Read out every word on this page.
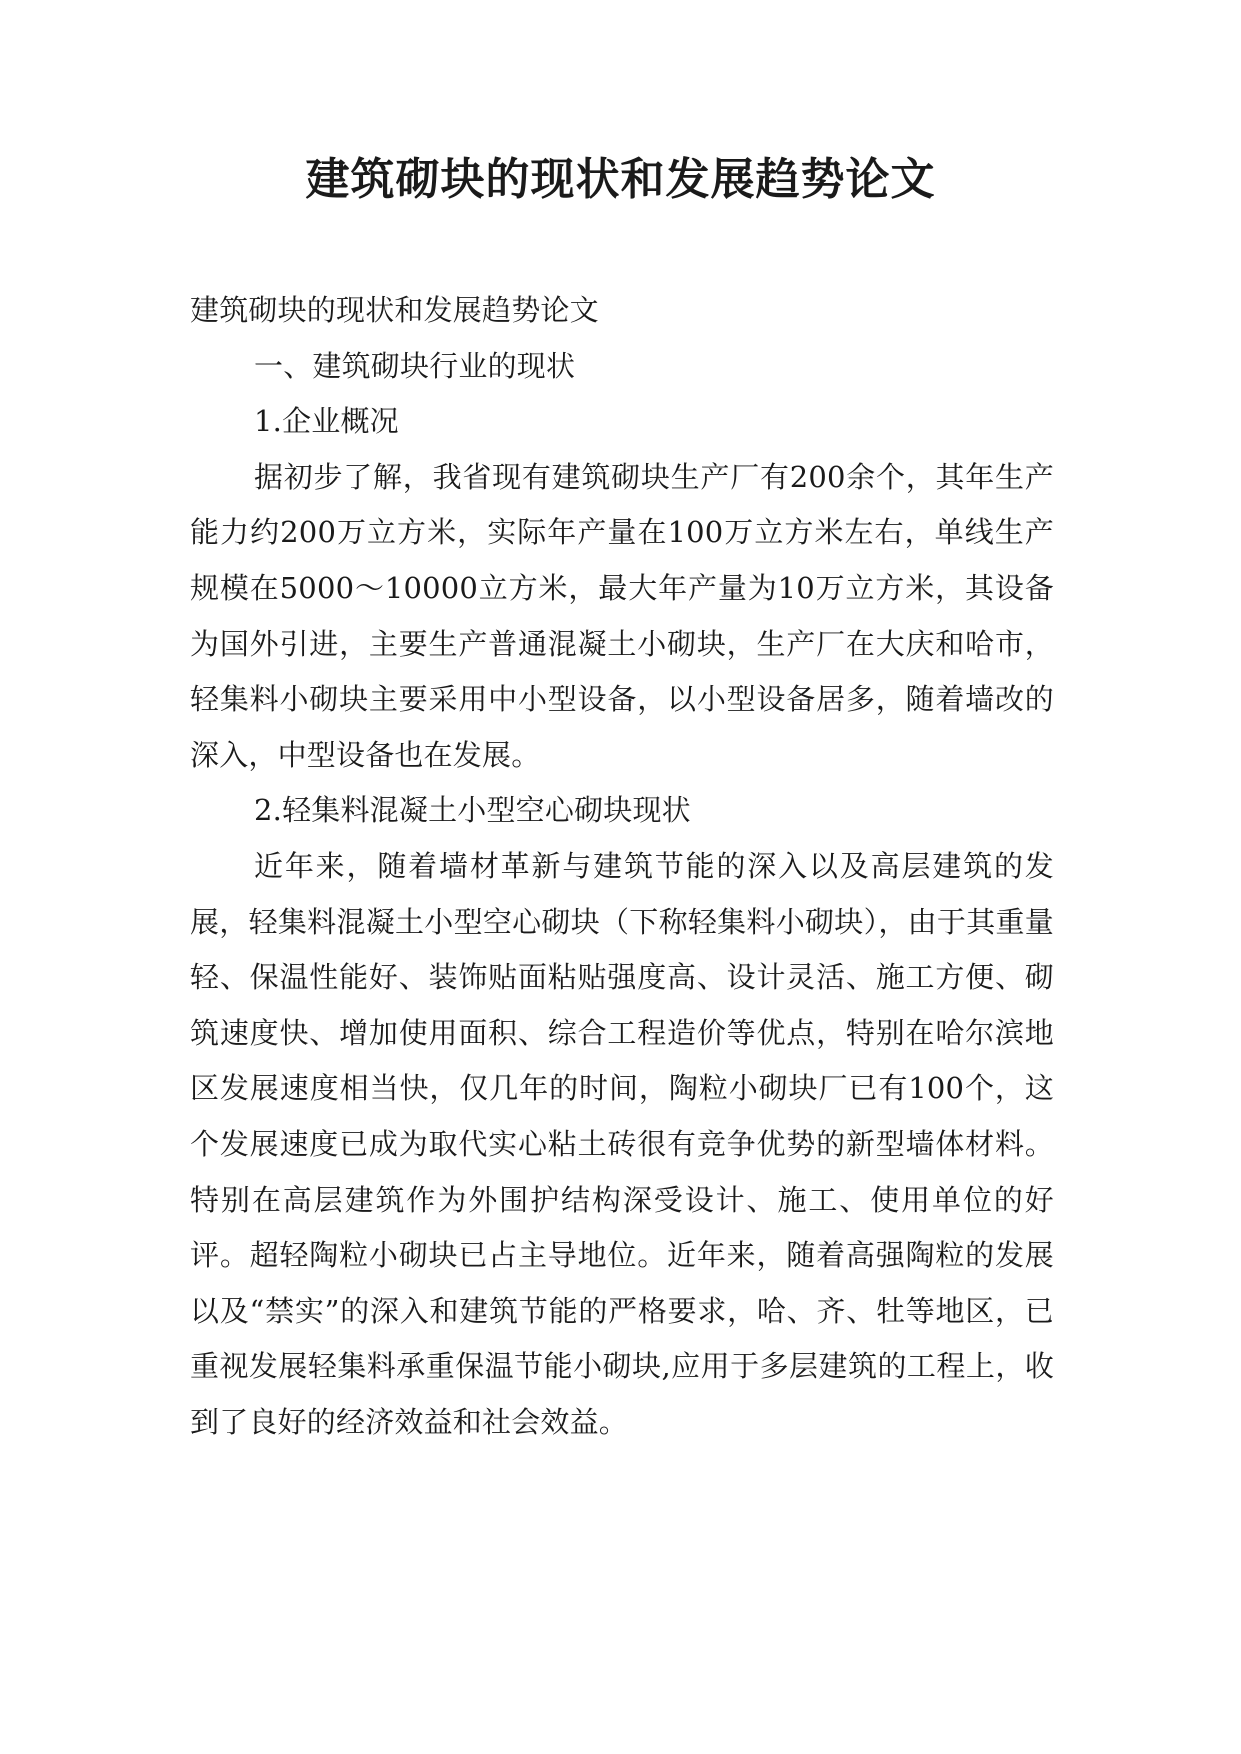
建筑砌块的现状和发展趋势论文

建筑砌块的现状和发展趋势论文

一、建筑砌块行业的现状

1.企业概况

据初步了解，我省现有建筑砌块生产厂有200余个，其年生产能力约200万立方米，实际年产量在100万立方米左右，单线生产规模在5000～10000立方米，最大年产量为10万立方米，其设备为国外引进，主要生产普通混凝土小砌块，生产厂在大庆和哈市，轻集料小砌块主要采用中小型设备，以小型设备居多，随着墙改的深入，中型设备也在发展。

2.轻集料混凝土小型空心砌块现状

近年来，随着墙材革新与建筑节能的深入以及高层建筑的发展，轻集料混凝土小型空心砌块（下称轻集料小砌块），由于其重量轻、保温性能好、装饰贴面粘贴强度高、设计灵活、施工方便、砌筑速度快、增加使用面积、综合工程造价等优点，特别在哈尔滨地区发展速度相当快，仅几年的时间，陶粒小砌块厂已有100个，这个发展速度已成为取代实心粘土砖很有竞争优势的新型墙体材料。特别在高层建筑作为外围护结构深受设计、施工、使用单位的好评。超轻陶粒小砌块已占主导地位。近年来，随着高强陶粒的发展以及“禁实”的深入和建筑节能的严格要求，哈、齐、牡等地区，已重视发展轻集料承重保温节能小砌块,应用于多层建筑的工程上，收到了良好的经济效益和社会效益。
